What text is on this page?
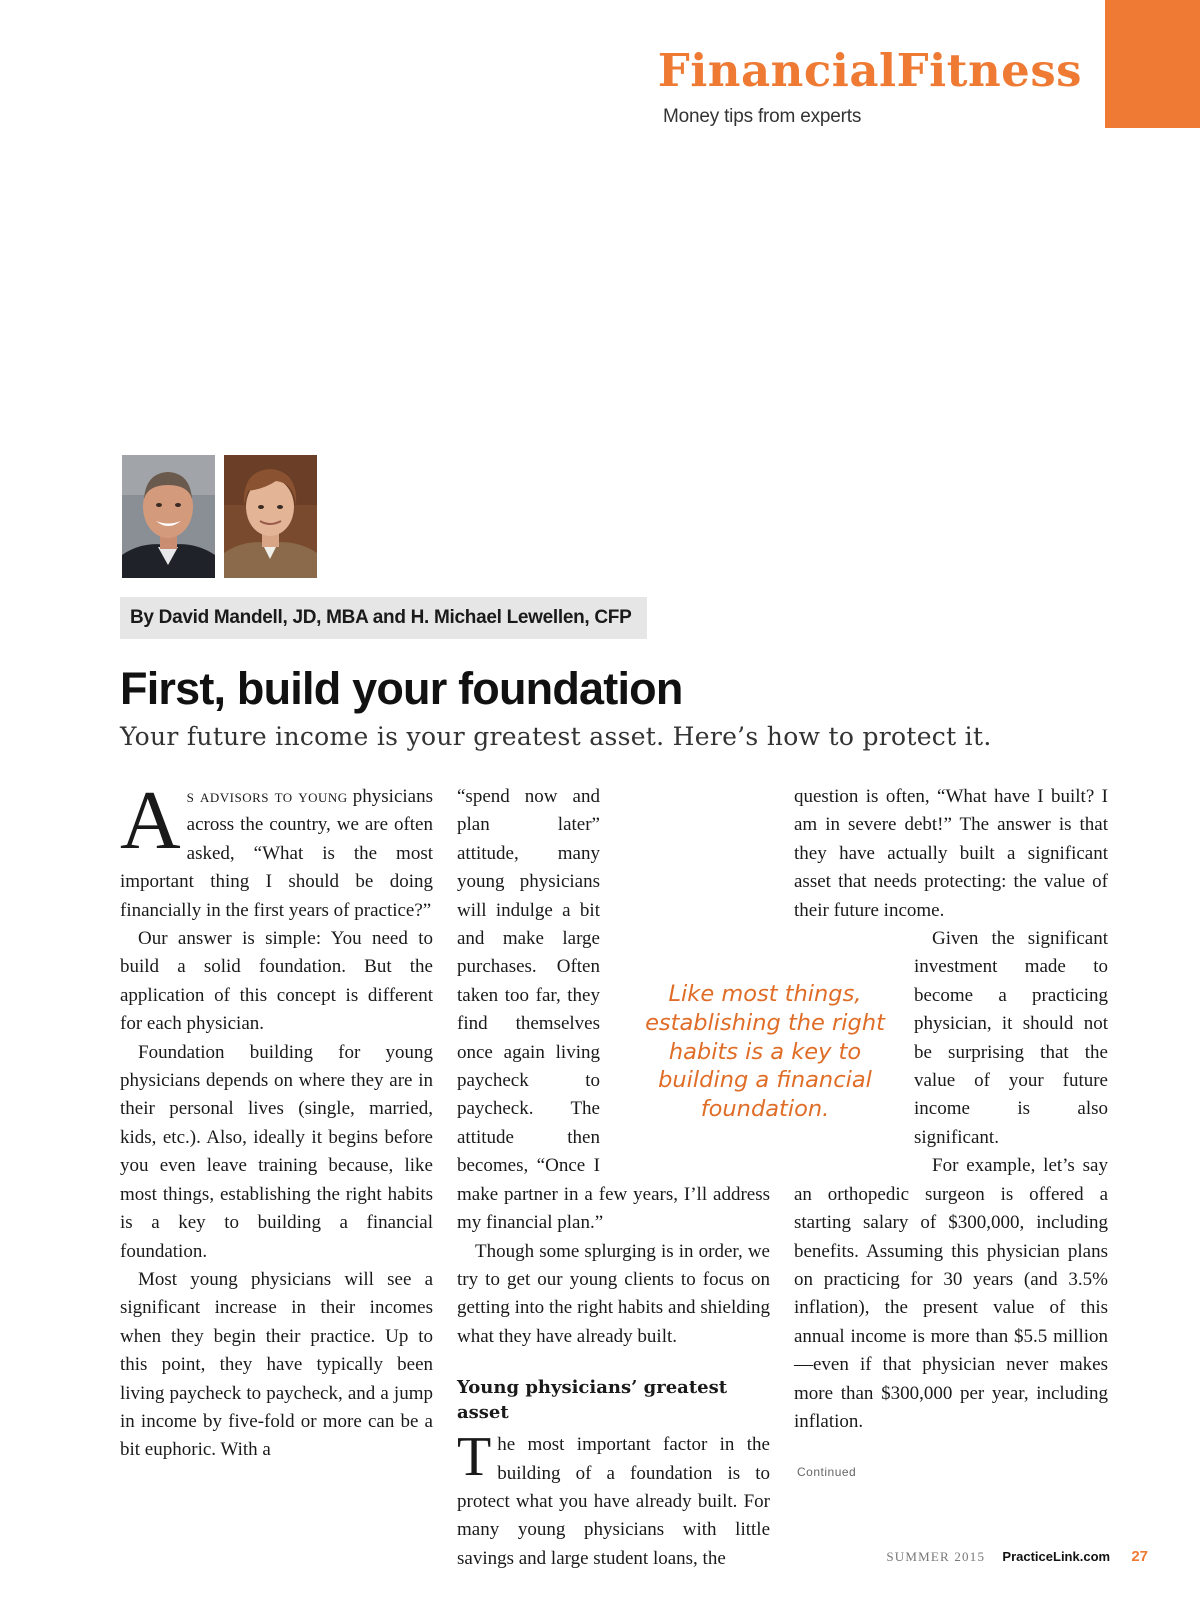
FinancialFitness
Money tips from experts
By David Mandell, JD, MBA and H. Michael Lewellen, CFP
First, build your foundation
Your future income is your greatest asset. Here’s how to protect it.

As advisors to young physicians across the country, we are often asked, “What is the most important thing I should be doing financially in the first years of practice?”

Our answer is simple: You need to build a solid foundation. But the application of this concept is different for each physician.

Foundation building for young physicians depends on where they are in their personal lives (single, married, kids, etc.). Also, ideally it begins before you even leave training because, like most things, establishing the right habits is a key to building a financial foundation.

Most young physicians will see a significant increase in their incomes when they begin their practice. Up to this point, they have typically been living paycheck to paycheck, and a jump in income by five-fold or more can be a bit euphoric. With a

“spend now and plan later” attitude, many young physicians will indulge a bit and make large purchases. Often taken too far, they find themselves once again living paycheck to paycheck. The attitude then becomes, “Once I make partner in a few years, I’ll address my financial plan.”

Though some splurging is in order, we try to get our young clients to focus on getting into the right habits and shielding what they have already built.

Young physicians’ greatest asset

The most important factor in the building of a foundation is to protect what you have already built. For many young physicians with little savings and large student loans, the

question is often, “What have I built? I am in severe debt!” The answer is that they have actually built a significant asset that needs protecting: the value of their future income.

Given the significant investment made to become a practicing physician, it should not be surprising that the value of your future income is also significant.

For example, let’s say an orthopedic surgeon is offered a starting salary of $300,000, including benefits. Assuming this physician plans on practicing for 30 years (and 3.5% inflation), the present value of this annual income is more than $5.5 million—even if that physician never makes more than $300,000 per year, including inflation.

Like most things, establishing the right habits is a key to building a financial foundation.
Continued
SUMMER 2015 PracticeLink.com 27
